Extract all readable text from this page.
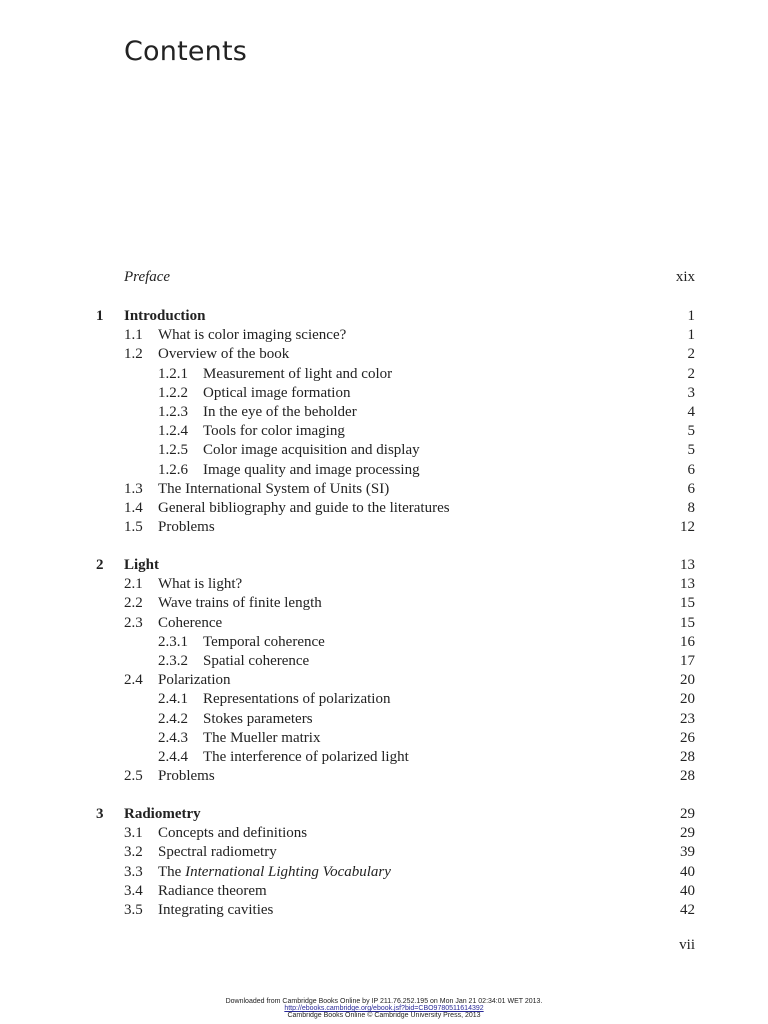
Contents
Preface	xix
1 Introduction	1
1.1 What is color imaging science?	1
1.2 Overview of the book	2
1.2.1 Measurement of light and color	2
1.2.2 Optical image formation	3
1.2.3 In the eye of the beholder	4
1.2.4 Tools for color imaging	5
1.2.5 Color image acquisition and display	5
1.2.6 Image quality and image processing	6
1.3 The International System of Units (SI)	6
1.4 General bibliography and guide to the literatures	8
1.5 Problems	12
2 Light	13
2.1 What is light?	13
2.2 Wave trains of finite length	15
2.3 Coherence	15
2.3.1 Temporal coherence	16
2.3.2 Spatial coherence	17
2.4 Polarization	20
2.4.1 Representations of polarization	20
2.4.2 Stokes parameters	23
2.4.3 The Mueller matrix	26
2.4.4 The interference of polarized light	28
2.5 Problems	28
3 Radiometry	29
3.1 Concepts and definitions	29
3.2 Spectral radiometry	39
3.3 The International Lighting Vocabulary	40
3.4 Radiance theorem	40
3.5 Integrating cavities	42
vii
Downloaded from Cambridge Books Online by IP 211.76.252.195 on Mon Jan 21 02:34:01 WET 2013.
http://ebooks.cambridge.org/ebook.jsf?bid=CBO9780511614392
Cambridge Books Online © Cambridge University Press, 2013
